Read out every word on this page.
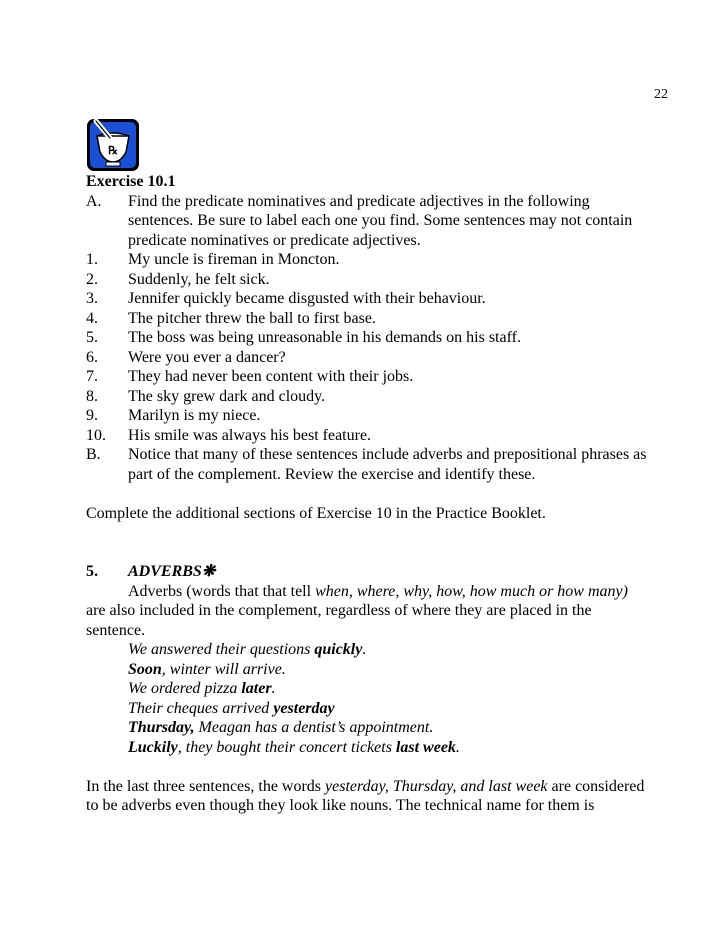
22
℞
Exercise 10.1
A.	Find the predicate nominatives and predicate adjectives in the following
sentences. Be sure to label each one you find. Some sentences may not contain
predicate nominatives or predicate adjectives.
1.	My uncle is fireman in Moncton.
2.	Suddenly, he felt sick.
3.	Jennifer quickly became disgusted with their behaviour.
4.	The pitcher threw the ball to first base.
5.	The boss was being unreasonable in his demands on his staff.
6.	Were you ever a dancer?
7.	They had never been content with their jobs.
8.	The sky grew dark and cloudy.
9.	Marilyn is my niece.
10.	His smile was always his best feature.
B.	Notice that many of these sentences include adverbs and prepositional phrases as
part of the complement. Review the exercise and identify these.
Complete the additional sections of Exercise 10 in the Practice Booklet.
5.	ADVERBS ❋
Adverbs (words that that tell when, where, why, how, how much or how many)
are also included in the complement, regardless of where they are placed in the
sentence.
We answered their questions quickly.
Soon, winter will arrive.
We ordered pizza later.
Their cheques arrived yesterday
Thursday, Meagan has a dentist’s appointment.
Luckily, they bought their concert tickets last week.
In the last three sentences, the words yesterday, Thursday, and last week are considered
to be adverbs even though they look like nouns. The technical name for them is
